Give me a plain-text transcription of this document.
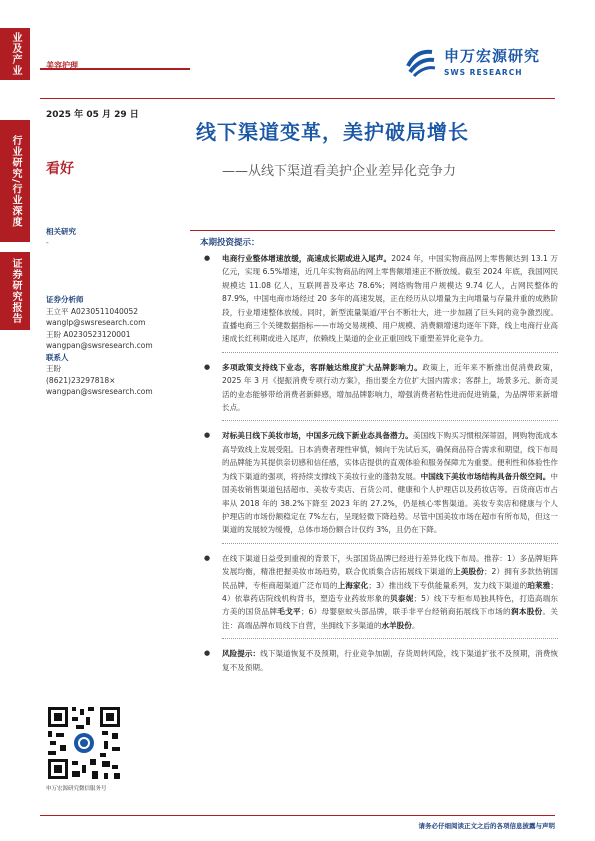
业及产业
行业研究/行业深度
证券研究报告
美容护理
申万宏源研究
SWS RESEARCH
2025 年 05 月 29 日
看好
相关研究
-
线下渠道变革，美护破局增长
——从线下渠道看美护企业差异化竞争力
证券分析师
王立平 A0230511040052
wanglp@swsresearch.com
王盼 A0230523120001
wangpan@swsresearch.com
联系人
王盼
(8621)23297818×
wangpan@swsresearch.com
申万宏源研究微信服务号
本期投资提示：
● 电商行业整体增速放缓，高速成长期或进入尾声。2024 年，中国实物商品网上零售额达到 13.1 万亿元，实现 6.5%增速，近几年实物商品的网上零售额增速正不断放缓。截至 2024 年底，我国网民规模达 11.08 亿人，互联网普及率达 78.6%；网络购物用户规模达 9.74 亿人，占网民整体的 87.9%，中国电商市场经过 20 多年的高速发展，正在经历从以增量为主向增量与存量并重的成熟阶段，行业增速整体放缓。同时，新型流量渠道/平台不断壮大，进一步加剧了巨头间的竞争激烈度。直播电商三个关键数据指标——市场交易规模、用户规模、消费额增速均逐年下降，线上电商行业高速成长红利期或进入尾声，依赖线上渠道的企业正重回线下重塑差异化竞争力。
● 多项政策支持线下业态，客群触达维度扩大品牌影响力。政策上，近年来不断推出促消费政策，2025 年 3 月《提振消费专项行动方案》，指出要全方位扩大国内需求；客群上，场景多元、新奇灵活的业态能够带给消费者新鲜感，增加品牌影响力，增强消费者粘性进而促进销量，为品牌带来新增长点。
● 对标美日线下美妆市场，中国多元线下新业态具备潜力。美国线下购买习惯根深蒂固，网购物流成本高导致线上发展受阻。日本消费者理性审慎，倾向于先试后买，确保商品符合需求和期望，线下布局的品牌能为其提供亲切感和信任感，实体店提供的直观体验和服务保障尤为重要。便利性和体验性作为线下渠道的强项，将持续支撑线下美妆行业的蓬勃发展。中国线下美妆市场结构具备升级空间。中国美妆销售渠道包括超市、美妆专卖店、百货公司、健康和个人护理店以及药妆店等。百货商店市占率从 2018 年的 38.2%下降至 2023 年的 27.2%，仍是核心零售渠道。美妆专卖店和健康与个人护理店的市场份额稳定在 7%左右，呈现轻微下降趋势。尽管中国美妆市场在超市有所布局，但这一渠道的发展较为缓慢，总体市场份额合计仅约 3%，且仍在下降。
● 在线下渠道日益受到重视的背景下，头部国货品牌已经进行差异化线下布局。推荐：1）多品牌矩阵发展均衡，精准把握美妆市场趋势，联合优质集合店拓展线下渠道的上美股份；2）拥有多款热销国民品牌，专柜商超渠道广泛布局的上海家化；3）推出线下专供能量系列，发力线下渠道的珀莱雅；4）依靠药店院线机构背书，塑造专业药妆形象的贝泰妮；5）线下专柜布局独具特色，打造高端东方美的国货品牌毛戈平；6）母婴驱蚊头部品牌，联手非平台经销商拓展线下市场的润本股份。关注：高端品牌布局线下自营，坐拥线下多渠道的水羊股份。
● 风险提示：线下渠道恢复不及预期，行业竞争加剧，存货周转风险，线下渠道扩张不及预期，消费恢复不及预期。
请务必仔细阅读正文之后的各项信息披露与声明
